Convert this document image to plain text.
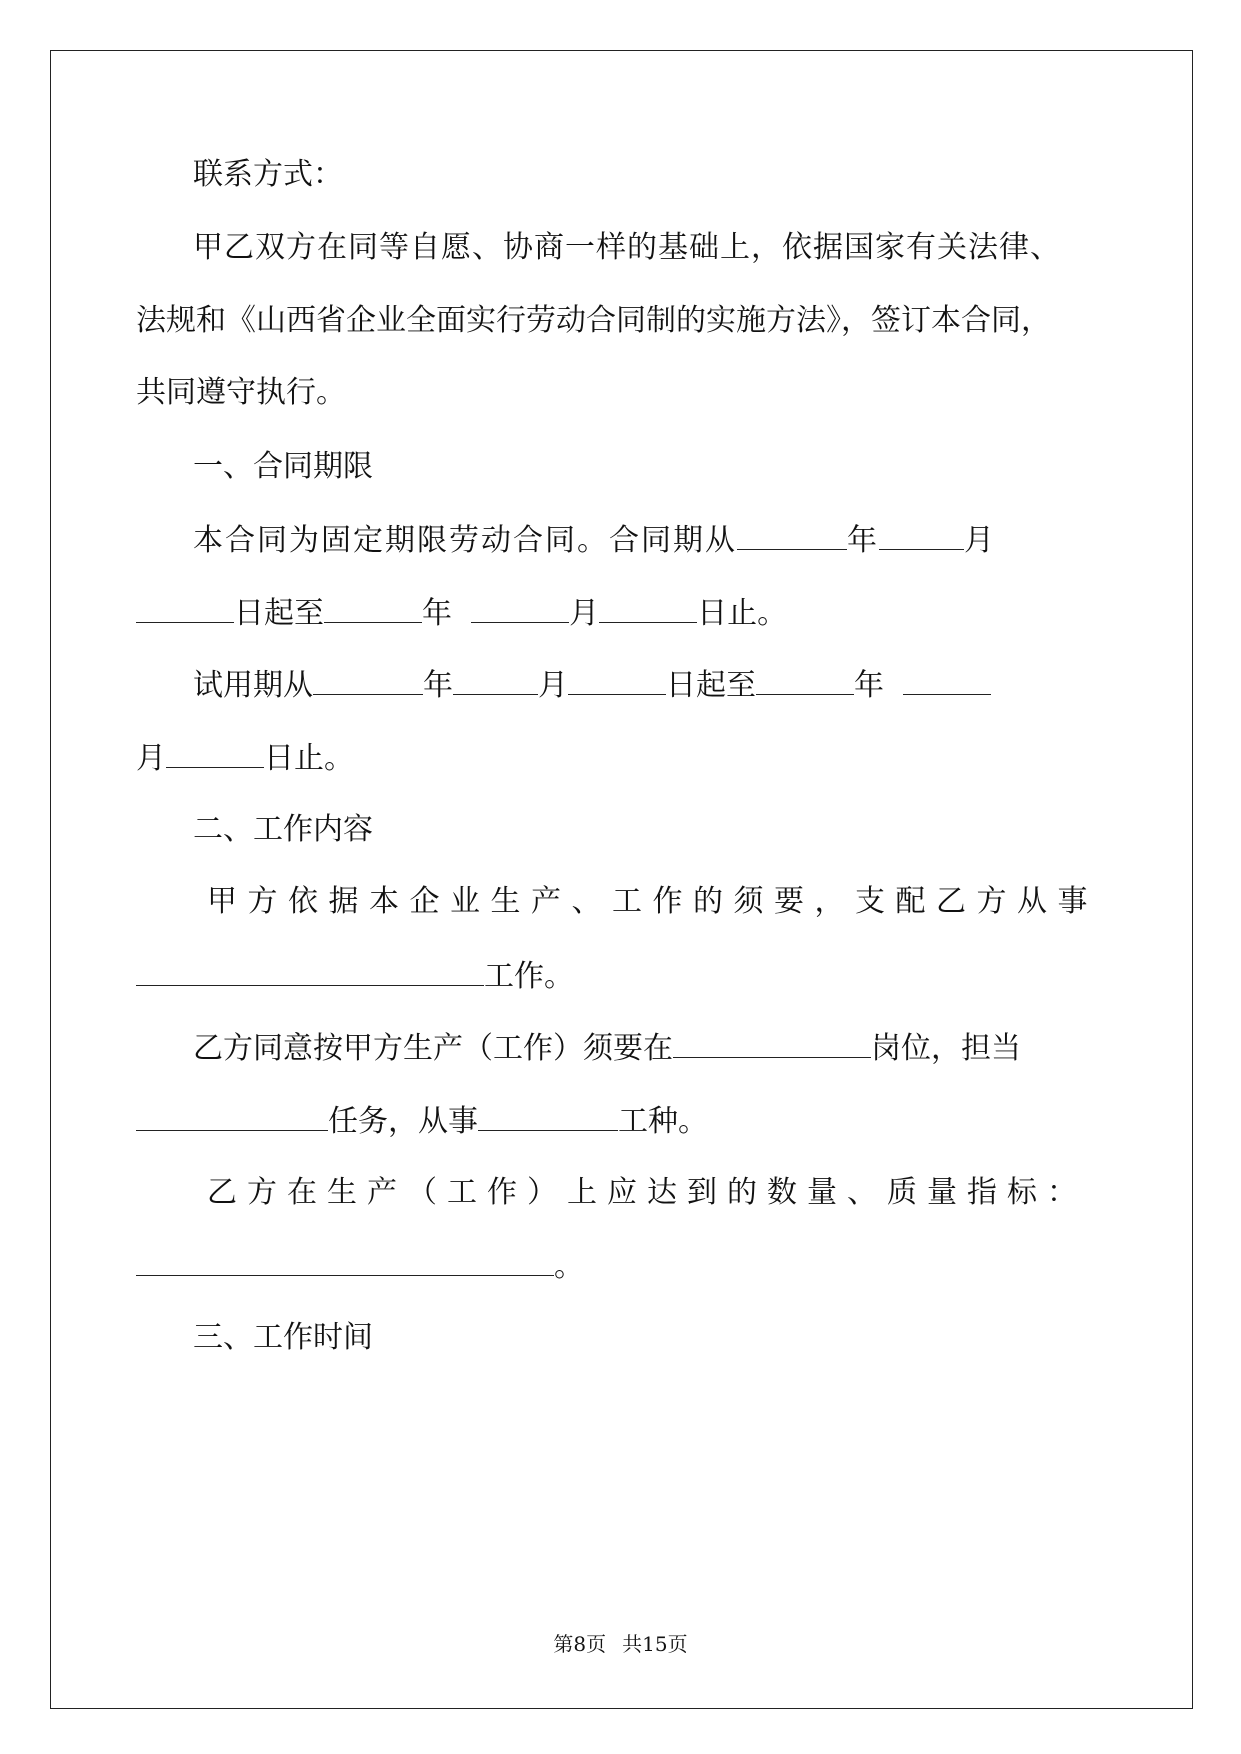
联系方式：
甲乙双方在同等自愿、协商一样的基础上，依据国家有关法律、
法规和《山西省企业全面实行劳动合同制的实施方法》，签订本合同，
共同遵守执行。
一、合同期限
本合同为固定期限劳动合同。合同期从	年	月
日起至	年	月	日止。
试用期从	年	月	日起至	年
月	日止。
二、工作内容
甲方依据本企业生产、工作的须要，支配乙方从事
工作。
乙方同意按甲方生产（工作）须要在	岗位，担当
任务，从事	工种。
乙方在生产（工作）上应达到的数量、质量指标：
。
三、工作时间
第8页 共15页
